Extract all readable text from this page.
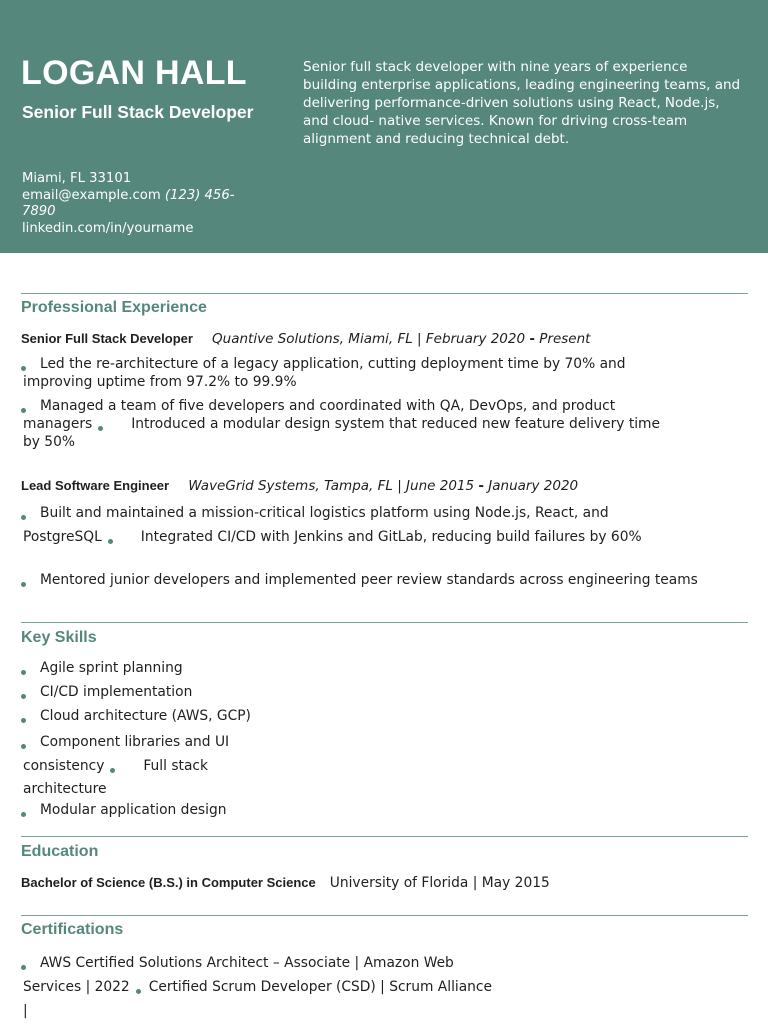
LOGAN HALL
Senior Full Stack Developer
Miami, FL 33101
email@example.com (123) 456-7890
linkedin.com/in/yourname
Senior full stack developer with nine years of experience building enterprise applications, leading engineering teams, and delivering performance-driven solutions using React, Node.js, and cloud- native services. Known for driving cross-team alignment and reducing technical debt.
Professional Experience
Senior Full Stack Developer Quantive Solutions, Miami, FL | February 2020 - Present
Led the re-architecture of a legacy application, cutting deployment time by 70% and improving uptime from 97.2% to 99.9%
Managed a team of five developers and coordinated with QA, DevOps, and product managers	Introduced a modular design system that reduced new feature delivery time by 50%
Lead Software Engineer WaveGrid Systems, Tampa, FL | June 2015 - January 2020
Built and maintained a mission-critical logistics platform using Node.js, React, and PostgreSQL	Integrated CI/CD with Jenkins and GitLab, reducing build failures by 60%
Mentored junior developers and implemented peer review standards across engineering teams
Key Skills
Agile sprint planning
CI/CD implementation
Cloud architecture (AWS, GCP)
Component libraries and UI consistency	Full stack architecture
Modular application design
Education
Bachelor of Science (B.S.) in Computer Science University of Florida | May 2015
Certifications
AWS Certified Solutions Architect – Associate | Amazon Web Services | 2022 Certified Scrum Developer (CSD) | Scrum Alliance |
